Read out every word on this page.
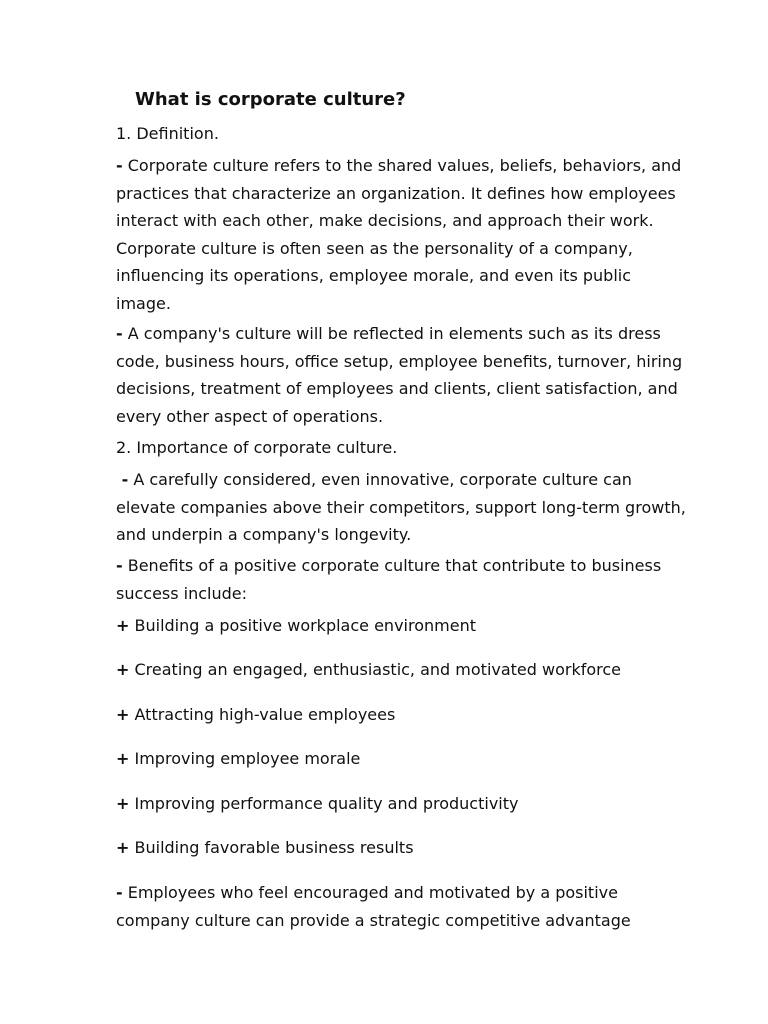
What is corporate culture?

1. Definition.

- Corporate culture refers to the shared values, beliefs, behaviors, and practices that characterize an organization. It defines how employees interact with each other, make decisions, and approach their work. Corporate culture is often seen as the personality of a company, influencing its operations, employee morale, and even its public image.

- A company's culture will be reflected in elements such as its dress code, business hours, office setup, employee benefits, turnover, hiring decisions, treatment of employees and clients, client satisfaction, and every other aspect of operations.

2. Importance of corporate culture.

- A carefully considered, even innovative, corporate culture can elevate companies above their competitors, support long-term growth, and underpin a company's longevity.

- Benefits of a positive corporate culture that contribute to business success include:

+ Building a positive workplace environment

+ Creating an engaged, enthusiastic, and motivated workforce

+ Attracting high-value employees

+ Improving employee morale

+ Improving performance quality and productivity

+ Building favorable business results

- Employees who feel encouraged and motivated by a positive company culture can provide a strategic competitive advantage
